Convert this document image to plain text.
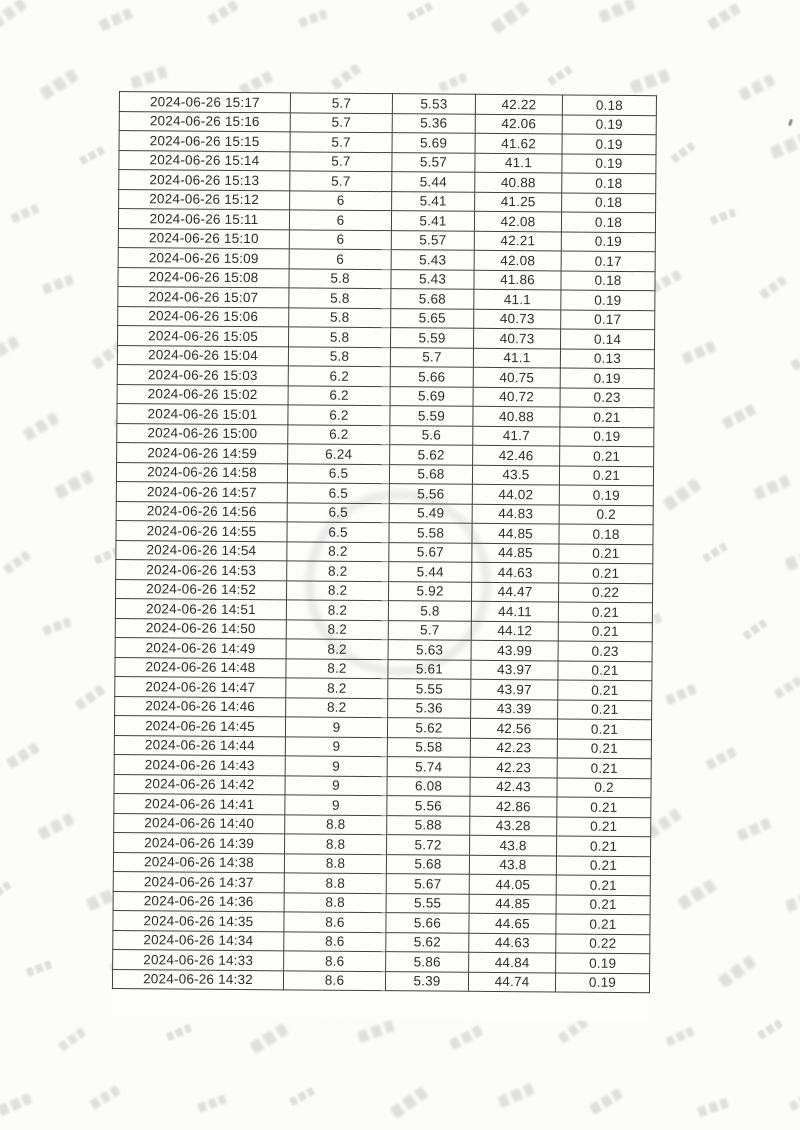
2024-06-26 15:17	5.7	5.53	42.22	0.18
2024-06-26 15:16	5.7	5.36	42.06	0.19
2024-06-26 15:15	5.7	5.69	41.62	0.19
2024-06-26 15:14	5.7	5.57	41.1	0.19
2024-06-26 15:13	5.7	5.44	40.88	0.18
2024-06-26 15:12	6	5.41	41.25	0.18
2024-06-26 15:11	6	5.41	42.08	0.18
2024-06-26 15:10	6	5.57	42.21	0.19
2024-06-26 15:09	6	5.43	42.08	0.17
2024-06-26 15:08	5.8	5.43	41.86	0.18
2024-06-26 15:07	5.8	5.68	41.1	0.19
2024-06-26 15:06	5.8	5.65	40.73	0.17
2024-06-26 15:05	5.8	5.59	40.73	0.14
2024-06-26 15:04	5.8	5.7	41.1	0.13
2024-06-26 15:03	6.2	5.66	40.75	0.19
2024-06-26 15:02	6.2	5.69	40.72	0.23
2024-06-26 15:01	6.2	5.59	40.88	0.21
2024-06-26 15:00	6.2	5.6	41.7	0.19
2024-06-26 14:59	6.24	5.62	42.46	0.21
2024-06-26 14:58	6.5	5.68	43.5	0.21
2024-06-26 14:57	6.5	5.56	44.02	0.19
2024-06-26 14:56	6.5	5.49	44.83	0.2
2024-06-26 14:55	6.5	5.58	44.85	0.18
2024-06-26 14:54	8.2	5.67	44.85	0.21
2024-06-26 14:53	8.2	5.44	44.63	0.21
2024-06-26 14:52	8.2	5.92	44.47	0.22
2024-06-26 14:51	8.2	5.8	44.11	0.21
2024-06-26 14:50	8.2	5.7	44.12	0.21
2024-06-26 14:49	8.2	5.63	43.99	0.23
2024-06-26 14:48	8.2	5.61	43.97	0.21
2024-06-26 14:47	8.2	5.55	43.97	0.21
2024-06-26 14:46	8.2	5.36	43.39	0.21
2024-06-26 14:45	9	5.62	42.56	0.21
2024-06-26 14:44	9	5.58	42.23	0.21
2024-06-26 14:43	9	5.74	42.23	0.21
2024-06-26 14:42	9	6.08	42.43	0.2
2024-06-26 14:41	9	5.56	42.86	0.21
2024-06-26 14:40	8.8	5.88	43.28	0.21
2024-06-26 14:39	8.8	5.72	43.8	0.21
2024-06-26 14:38	8.8	5.68	43.8	0.21
2024-06-26 14:37	8.8	5.67	44.05	0.21
2024-06-26 14:36	8.8	5.55	44.85	0.21
2024-06-26 14:35	8.6	5.66	44.65	0.21
2024-06-26 14:34	8.6	5.62	44.63	0.22
2024-06-26 14:33	8.6	5.86	44.84	0.19
2024-06-26 14:32	8.6	5.39	44.74	0.19
